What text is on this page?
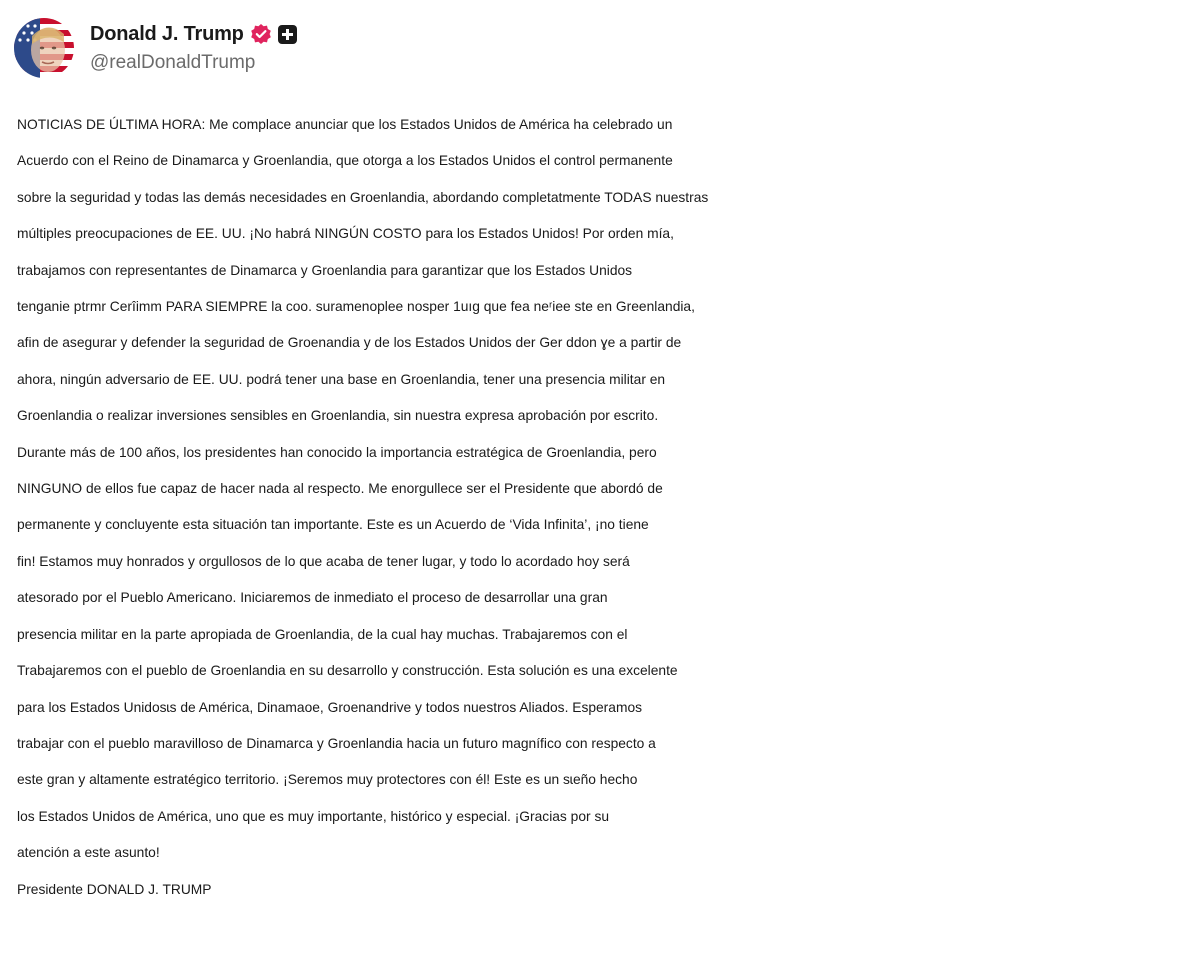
Donald J. Trump
@realDonaldTrump
NOTICIAS DE ÚLTIMA HORA: Me complace anunciar que los Estados Unidos de América ha celebrado un
Acuerdo con el Reino de Dinamarca y Groenlandia, que otorga a los Estados Unidos el control permanente
sobre la seguridad y todas las demás necesidades en Groenlandia, abordando completatmente TODAS nuestras
múltiples preocupaciones de EE. UU. ¡No habrá NINGÚN COSTO para los Estados Unidos! Por orden mía,
trabajamos con representantes de Dinamarca y Groenlandia para garantizar que los Estados Unidos
tenganie ptrmr Cerîimm PARA SIEMPRE la coo. suramenoplee nosper 1uıg que fea neʳiee ste en Greenlandia,
afin de asegurar y defender la seguridad de Groenandia y de los Estados Unidos der Ger ddon ɣe a partir de
ahora, ningún adversario de EE. UU. podrá tener una base en Groenlandia, tener una presencia militar en
Groenlandia o realizar inversiones sensibles en Groenlandia, sin nuestra expresa aprobación por escrito.
Durante más de 100 años, los presidentes han conocido la importancia estratégica de Groenlandia, pero
NINGUNO de ellos fue capaz de hacer nada al respecto. Me enorgullece ser el Presidente que abordó de
permanente y concluyente esta situación tan importante. Este es un Acuerdo de ‘Vida Infinita’, ¡no tiene
fin! Estamos muy honrados y orgullosos de lo que acaba de tener lugar, y todo lo acordado hoy será
atesorado por el Pueblo Americano. Iniciaremos de inmediato el proceso de desarrollar una gran
presencia militar en la parte apropiada de Groenlandia, de la cual hay muchas. Trabajaremos con el
Trabajaremos con el pueblo de Groenlandia en su desarrollo y construcción. Esta solución es una excelente
para los Estados Unidosɩs de América, Dinamaoe, Groenandrive y todos nuestros Aliados. Esperamos
trabajar con el pueblo maravilloso de Dinamarca y Groenlandia hacia un futuro magnífico con respecto a
este gran y altamente estratégico territorio. ¡Seremos muy protectores con él! Este es un sɩeño hecho
los Estados Unidos de América, uno que es muy importante, histórico y especial. ¡Gracias por su
atención a este asunto!
Presidente DONALD J. TRUMP
